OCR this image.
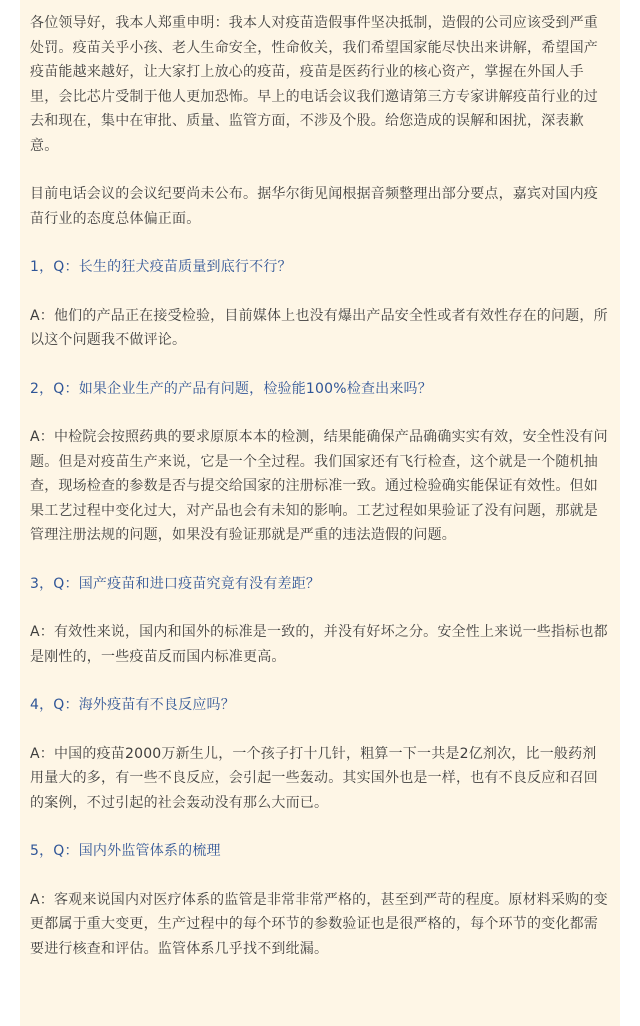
各位领导好，我本人郑重申明：我本人对疫苗造假事件坚决抵制，造假的公司应该受到严重处罚。疫苗关乎小孩、老人生命安全，性命攸关，我们希望国家能尽快出来讲解，希望国产疫苗能越来越好，让大家打上放心的疫苗，疫苗是医药行业的核心资产，掌握在外国人手里，会比芯片受制于他人更加恐怖。早上的电话会议我们邀请第三方专家讲解疫苗行业的过去和现在，集中在审批、质量、监管方面，不涉及个股。给您造成的误解和困扰，深表歉意。

目前电话会议的会议纪要尚未公布。据华尔街见闻根据音频整理出部分要点，嘉宾对国内疫苗行业的态度总体偏正面。

1，Q：长生的狂犬疫苗质量到底行不行？

A：他们的产品正在接受检验，目前媒体上也没有爆出产品安全性或者有效性存在的问题，所以这个问题我不做评论。

2，Q：如果企业生产的产品有问题，检验能100%检查出来吗？

A：中检院会按照药典的要求原原本本的检测，结果能确保产品确确实实有效，安全性没有问题。但是对疫苗生产来说，它是一个全过程。我们国家还有飞行检查，这个就是一个随机抽查，现场检查的参数是否与提交给国家的注册标准一致。通过检验确实能保证有效性。但如果工艺过程中变化过大，对产品也会有未知的影响。工艺过程如果验证了没有问题，那就是管理注册法规的问题，如果没有验证那就是严重的违法造假的问题。

3，Q：国产疫苗和进口疫苗究竟有没有差距？

A：有效性来说，国内和国外的标准是一致的，并没有好坏之分。安全性上来说一些指标也都是刚性的，一些疫苗反而国内标准更高。

4，Q：海外疫苗有不良反应吗？

A：中国的疫苗2000万新生儿，一个孩子打十几针，粗算一下一共是2亿剂次，比一般药剂用量大的多，有一些不良反应，会引起一些轰动。其实国外也是一样，也有不良反应和召回的案例，不过引起的社会轰动没有那么大而已。

5，Q：国内外监管体系的梳理

A：客观来说国内对医疗体系的监管是非常非常严格的，甚至到严苛的程度。原材料采购的变更都属于重大变更，生产过程中的每个环节的参数验证也是很严格的，每个环节的变化都需要进行核查和评估。监管体系几乎找不到纰漏。
